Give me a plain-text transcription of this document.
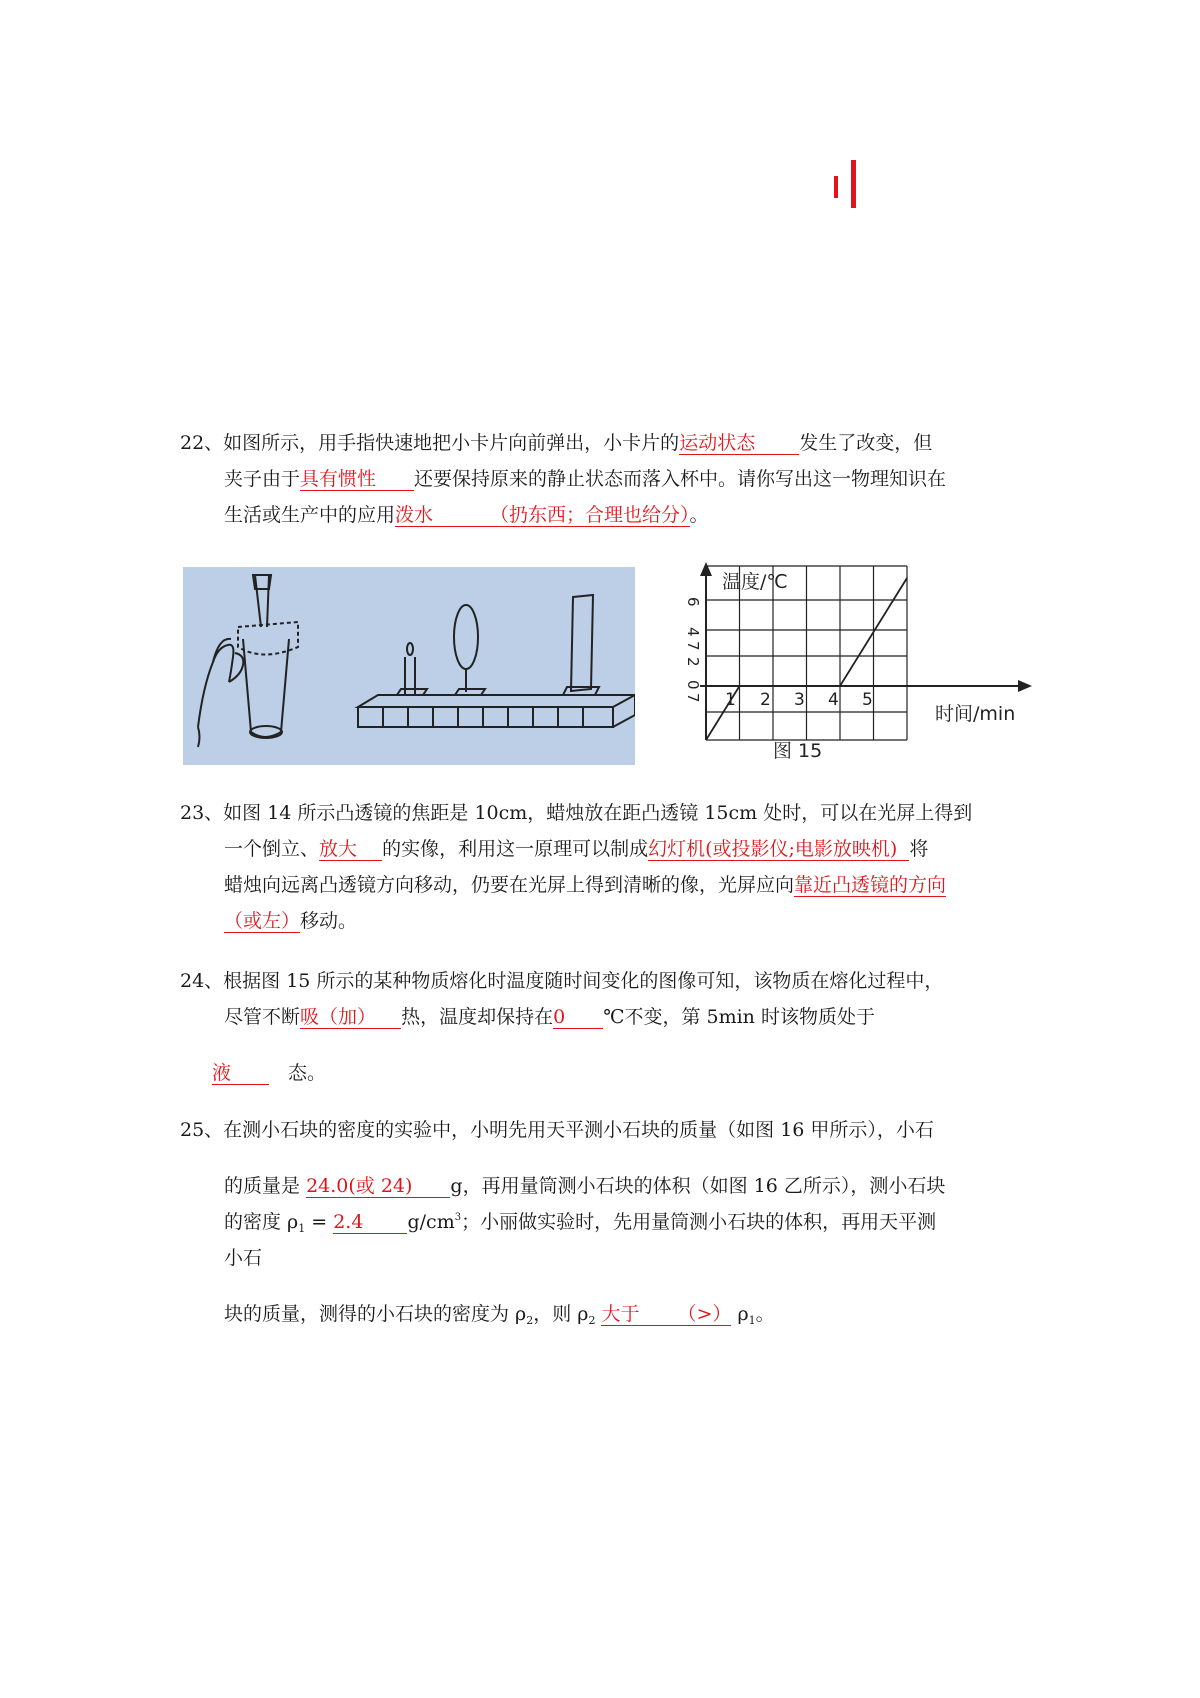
22、如图所示，用手指快速地把小卡片向前弹出，小卡片的运动状态   发生了改变，但
夹子由于具有惯性   还要保持原来的静止状态而落入杯中。请你写出这一物理知识在
生活或生产中的应用泼水   	（扔东西；合理也给分）。
温度/℃
时间/min
图 15
6
4
7
2
0
7 1 2 3 4 5
23、如图 14 所示凸透镜的焦距是 10cm，蜡烛放在距凸透镜 15cm 处时，可以在光屏上得到
一个倒立、放大  的实像，利用这一原理可以制成幻灯机(或投影仪;电影放映机) 将
蜡烛向远离凸透镜方向移动，仍要在光屏上得到清晰的像，光屏应向靠近凸透镜的方向
（或左）移动。
24、根据图 15 所示的某种物质熔化时温度随时间变化的图像可知，该物质在熔化过程中，
尽管不断吸（加）  热，温度却保持在0   ℃不变，第 5min 时该物质处于
液   	态。
25、在测小石块的密度的实验中，小明先用天平测小石块的质量（如图 16 甲所示），小石
的质量是 24.0(或 24)   g，再用量筒测小石块的体积（如图 16 乙所示），测小石块
的密度 $\rho_1 = 2.4$   $g/cm^3$；小丽做实验时，先用量筒测小石块的体积，再用天平测
小石
块的质量，测得的小石块的密度为 $\rho_2$，则 $\rho_2$ 大于   （>） $\rho_1$。
